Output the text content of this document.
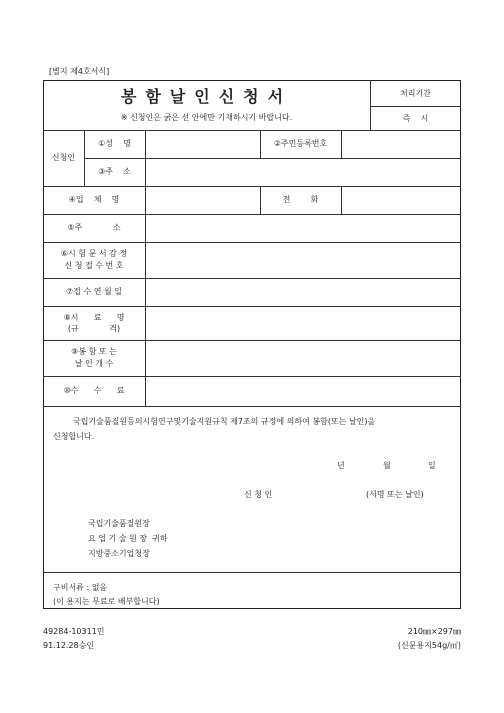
[별지 제4호서식]
봉함날인신청서
※ 신청인은 굵은 선 안에만 기재하시기 바랍니다.
처리기간
즉    시
신청인
①성    명	②주민등록번호
③주    소
④업    체    명	전        화
⑤주            소
⑥시 험 문 서 감 정
신 청 접 수 번 호
⑦접 수 연 월 일
⑧시      료      명
(규            격)
⑨봉 함 또 는
날 인 개 수
⑩수      수      료
국립기술품질원등의시험연구및기술지원규칙 제7조의 규정에 의하여 봉함(또는 날인)을
신청합니다.
년	월	일
신 청 인	(서명 또는 날인)
국립기술품질원장
요 업 기 술 원 장  귀하
지방중소기업청장
구비서류 : 없음
(이 용지는 무료로 배부합니다)
49284-10311민
91.12.28승인
210㎜×297㎜
(신문용지54g/㎡)
